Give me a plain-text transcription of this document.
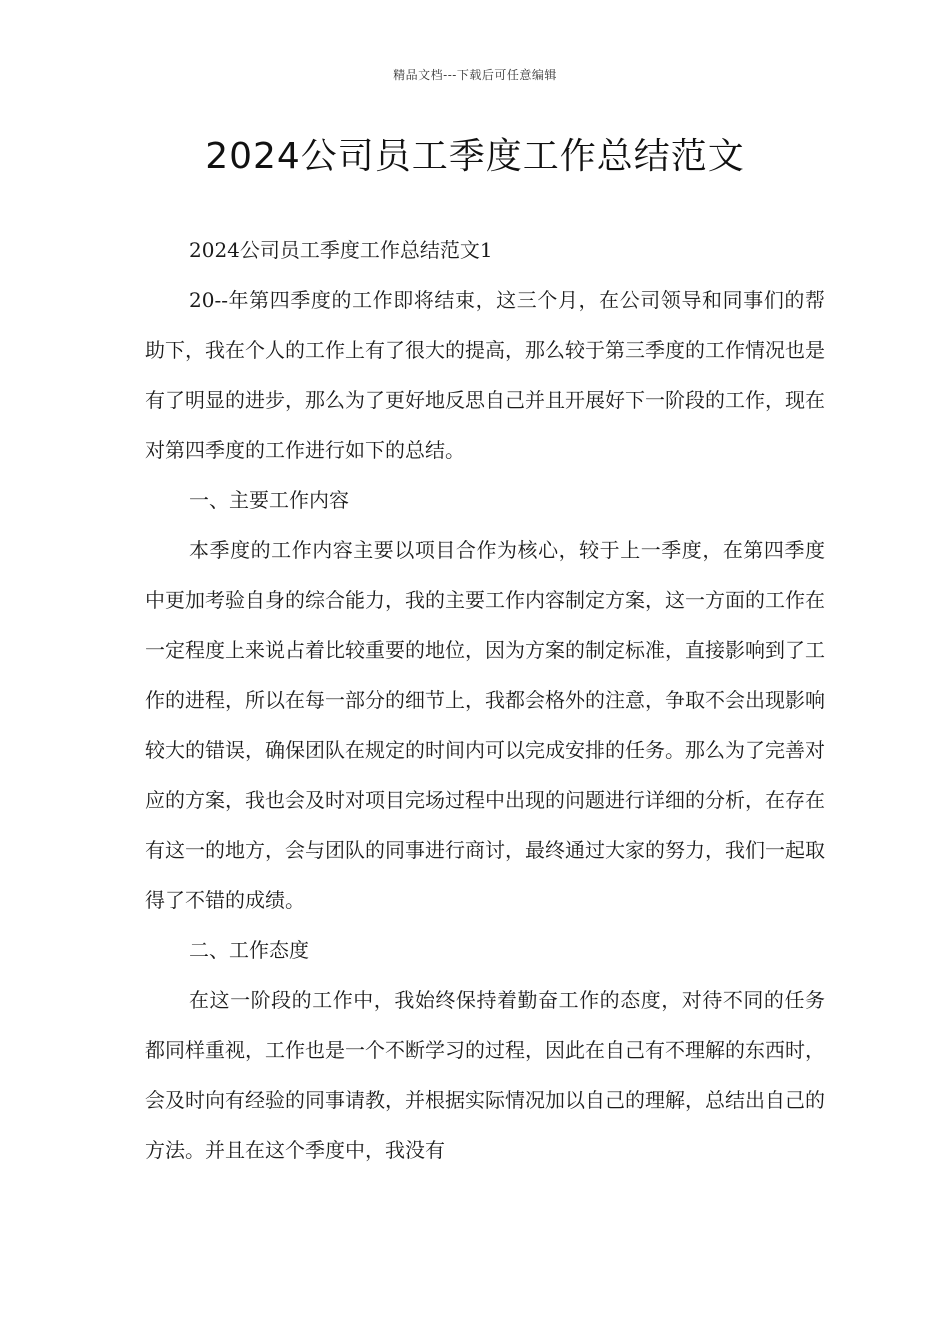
精品文档---下载后可任意编辑
2024公司员工季度工作总结范文

2024公司员工季度工作总结范文1

20--年第四季度的工作即将结束，这三个月，在公司领导和同事们的帮助下，我在个人的工作上有了很大的提高，那么较于第三季度的工作情况也是有了明显的进步，那么为了更好地反思自己并且开展好下一阶段的工作，现在对第四季度的工作进行如下的总结。

一、主要工作内容

本季度的工作内容主要以项目合作为核心，较于上一季度，在第四季度中更加考验自身的综合能力，我的主要工作内容制定方案，这一方面的工作在一定程度上来说占着比较重要的地位，因为方案的制定标准，直接影响到了工作的进程，所以在每一部分的细节上，我都会格外的注意，争取不会出现影响较大的错误，确保团队在规定的时间内可以完成安排的任务。那么为了完善对应的方案，我也会及时对项目完场过程中出现的问题进行详细的分析，在存在有这一的地方，会与团队的同事进行商讨，最终通过大家的努力，我们一起取得了不错的成绩。

二、工作态度

在这一阶段的工作中，我始终保持着勤奋工作的态度，对待不同的任务都同样重视，工作也是一个不断学习的过程，因此在自己有不理解的东西时，会及时向有经验的同事请教，并根据实际情况加以自己的理解，总结出自己的方法。并且在这个季度中，我没有
